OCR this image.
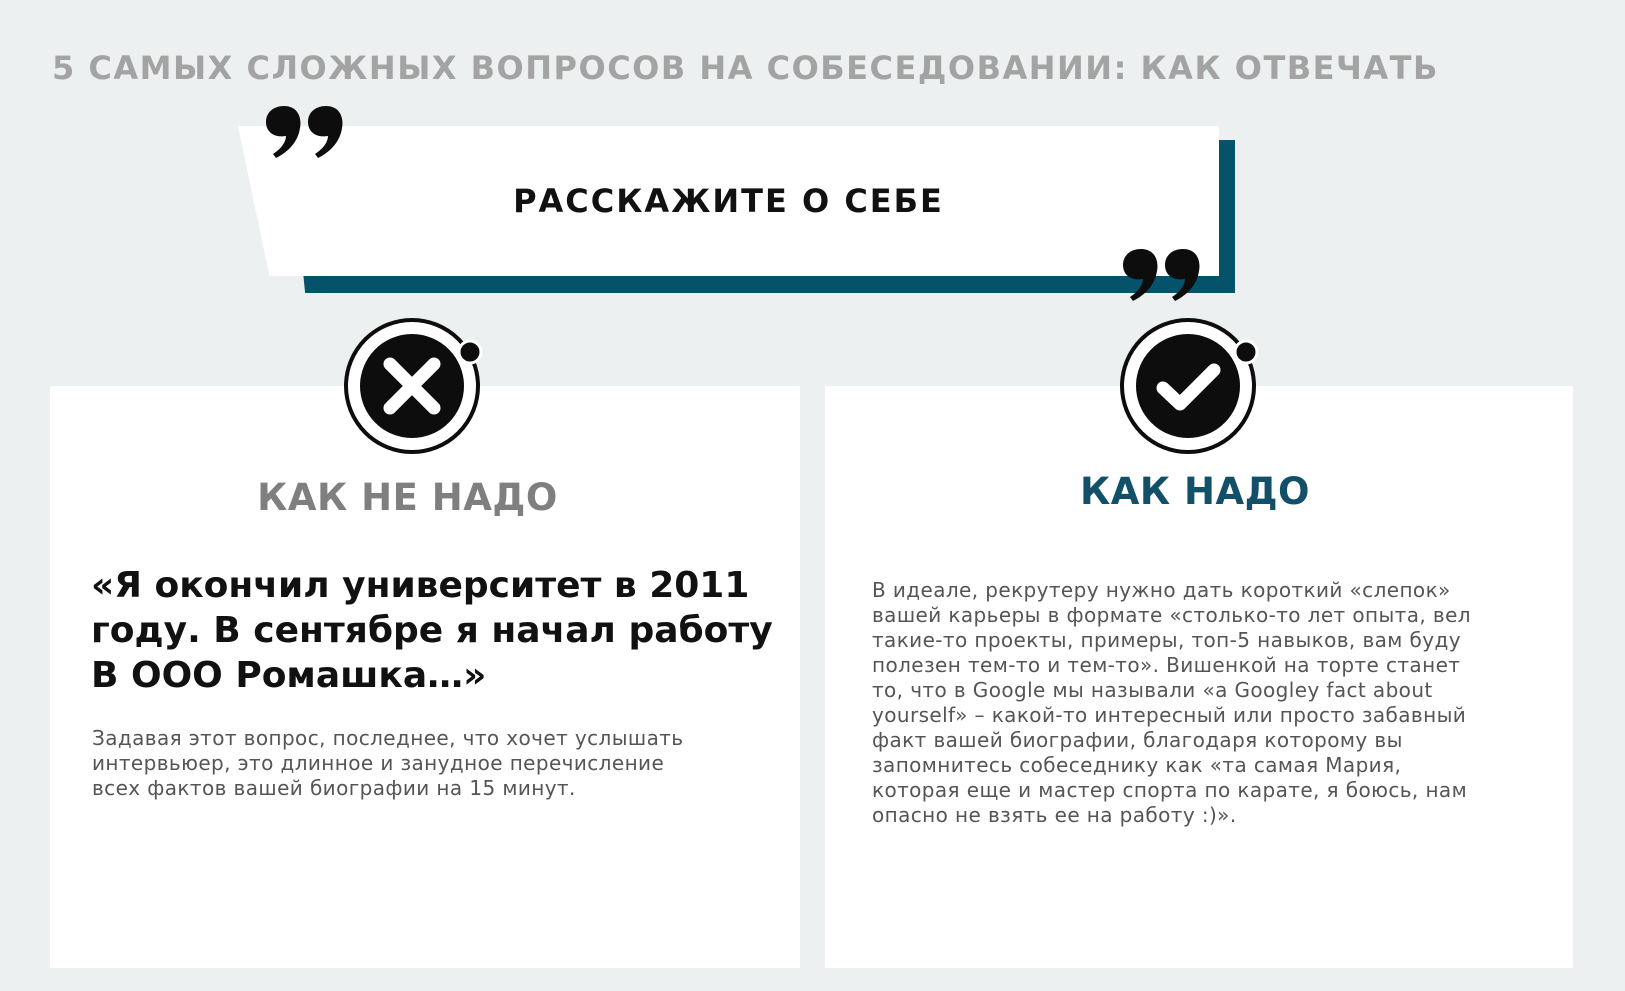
5 САМЫХ СЛОЖНЫХ ВОПРОСОВ НА СОБЕСЕДОВАНИИ: КАК ОТВЕЧАТЬ
РАССКАЖИТЕ О СЕБЕ
КАК НЕ НАДО	КАК НАДО
«Я окончил университет в 2011
году. В сентябре я начал работу
В ООО Ромашка…»
Задавая этот вопрос, последнее, что хочет услышать
интервьюер, это длинное и занудное перечисление
всех фактов вашей биографии на 15 минут.
В идеале, рекрутеру нужно дать короткий «слепок»
вашей карьеры в формате «столько-то лет опыта, вел
такие-то проекты, примеры, топ-5 навыков, вам буду
полезен тем-то и тем-то». Вишенкой на торте станет
то, что в Google мы называли «а Googley fact about
yourself» – какой-то интересный или просто забавный
факт вашей биографии, благодаря которому вы
запомнитесь собеседнику как «та самая Мария,
которая еще и мастер спорта по карате, я боюсь, нам
опасно не взять ее на работу :)».
